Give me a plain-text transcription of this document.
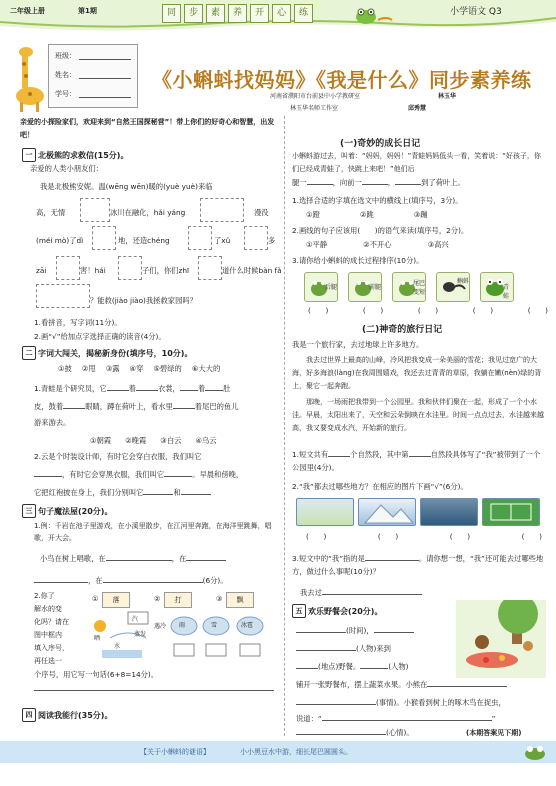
二年级上册	第1期	同	步	素	养	开	心	练	小学语文 Q3
班级：
姓名：
学号：
《小蝌蚪找妈妈》《我是什么》同步素养练
河南省濮阳市台前县中小学教研室	林玉华
林玉华名师工作室	邱秀慧
亲爱的小探险家们，欢迎来到“自然王国探秘营”！带上你们的好奇心和智慧，出发吧！
一 北极熊的求救信(15分)。
亲爱的人类小朋友们：
我是北极熊安妮。温(wēng wēn)暖的(yuè yuè)来临
高，无情	冰川在融化，hǎi yáng	漫没
(méi mò)了dì	地，还造chéng	了xǔ	多
zāi	害！hái	子们，你们zhī	道什么时候bàn fǎ
？能救(jiào jiào)我拯救家园吗？
1.看拼音，写字词(11分)。
2.画“√”给加点字选择正确的读音(4分)。
二 字词大闯关，揭秘新身份(填序号，10分)。
①披 ②甩 ③露 ④穿 ⑤碧绿的 ⑥大大的
1.青蛙是个研究员，它	着	衣裳， 着 肚
皮，鼓着	眼睛，蹲在荷叶上，看水里	着尾巴的鱼儿
游来游去。
①朝霞 ②晚霞 ③白云 ④乌云
2.云是个时装设计师，有时它会穿白衣服，我们叫它
，有时它会穿黑衣服，我们叫它	。早晨和傍晚，
它把红袍披在身上，我们分别叫它	和
三 句子魔法屋(20分)。
1.例：千岩在池子里游戏，在小溪里散步，在江河里奔跑，在海洋里跳舞，唱歌，开大会。
小鸟在树上唱歌，在	，在
，在	(6分)。
2.你了
解水的变
化吗？请在
图中框内
填入序号，
再任选一
个序号，用它写一句话(6+8=14分)。
①	落	②	打	③	飘
汽
遇冷 雨	雪	冰雹
晒
水
蒸发
四 阅读我能行(35分)。
(一)奇妙的成长日记
小蝌蚪游过去，叫着：“妈妈，妈妈！”青蛙妈妈低头一看，笑着说：“好孩子，你们已经成青蛙了，快跳上来吧！”他们后
腿一	，向前一	，	到了荷叶上。
1.选择合适的字填在选文中的横线上(填序号，3分)。
①蹬	②跳	③蹦
2.画线的句子应该用(　　)的语气来读(填序号，2分)。
①平静	②不开心	③高兴
3.请你给小蝌蚪的成长过程排序(10分)。
后腿	前腿
尾巴变短
蝌蚪
青蛙
(　　)	(　　)	(　　)	(　　)	(　　)
(二)神奇的旅行日记
我是一个旅行家，去过地球上许多地方。
我去过世界上最高的山峰，冷风把我变成一朵美丽的雪花；我见过宽广的大海，好多海浪(làng)在我周围嬉戏，我还去过青青的草原，我躺在嫩(nèn)绿的背上，聚它一起奔跑。
那晚，一场雨把我带到一个公园里。我和伙伴们聚在一起，形成了一个小水洼。早晨，太阳出来了，天空和云朵倒映在水洼里。时间一点点过去，水洼越来越高，我又要变成水汽，开始新的旅行。
1.短文共有	个自然段，其中第	自然段具体写了“我”被带到了一个公园里(4分)。
2.“我”都去过哪些地方？在相应的图片下画“√”(6分)。
(　　)	(　　)	(　　)	(　　)
3.短文中的“我”指的是	。请你想一想，“我”还可能去过哪些地方，做过什么事呢(10分)？
我去过
五 欢乐野餐会(20分)。
(时间)，
(人物)来到
(地点)野餐。	(人物)
铺开一张野餐布，摆上蔬菜水果。小熊在
(事情)。小猴看到树上的啄木鸟在捉虫，
说道：“	”
(心情)。	(本期答案见下期)
【关于小蝌蚪的谜语】	小小黑豆水中游，细长尾巴圆圆头。
